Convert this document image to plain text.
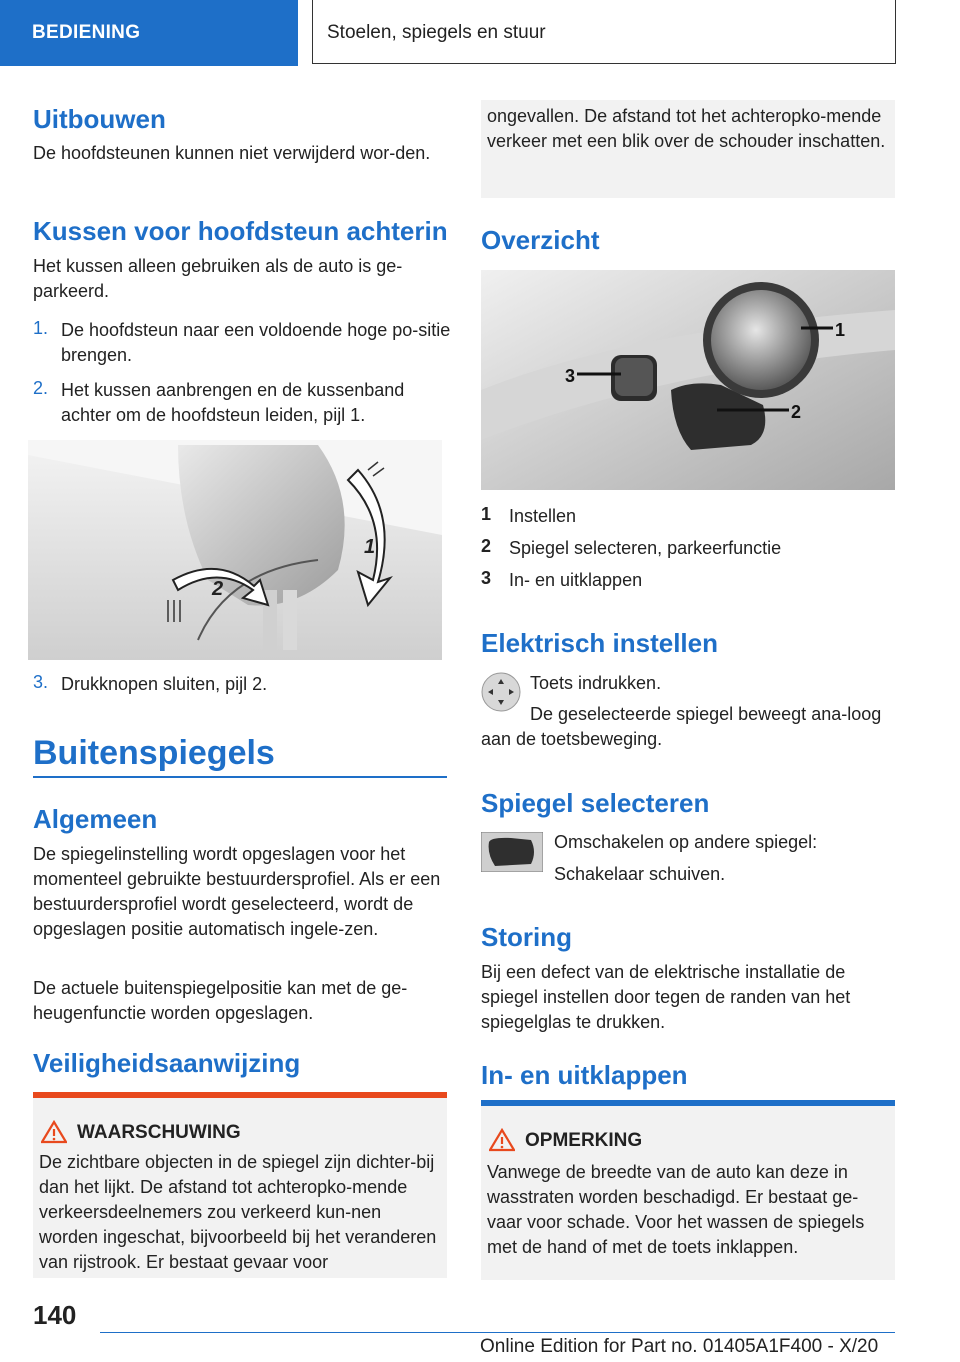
BEDIENING	Stoelen, spiegels en stuur
Uitbouwen

De hoofdsteunen kunnen niet verwijderd wor-den.

Kussen voor hoofdsteun achterin

Het kussen alleen gebruiken als de auto is ge-parkeerd.

1. De hoofdsteun naar een voldoende hoge po-sitie brengen.

2. Het kussen aanbrengen en de kussenband achter om de hoofdsteun leiden, pijl 1.

1
2
3. Drukknopen sluiten, pijl 2.

Buitenspiegels
Algemeen

De spiegelinstelling wordt opgeslagen voor het momenteel gebruikte bestuurdersprofiel. Als er een bestuurdersprofiel wordt geselecteerd, wordt de opgeslagen positie automatisch ingele-zen.

De actuele buitenspiegelpositie kan met de ge-heugenfunctie worden opgeslagen.

Veiligheidsaanwijzing
WAARSCHUWING

De zichtbare objecten in de spiegel zijn dichter-bij dan het lijkt. De afstand tot achteropko-mende verkeersdeelnemers zou verkeerd kun-nen worden ingeschat, bijvoorbeeld bij het veranderen van rijstrook. Er bestaat gevaar voor

ongevallen. De afstand tot het achteropko-mende verkeer met een blik over de schouder inschatten.

Overzicht
1
2
3
1 Instellen

2 Spiegel selecteren, parkeerfunctie

3 In- en uitklappen

Elektrisch instellen

Toets indrukken.

De geselecteerde spiegel beweegt ana-loog aan de toetsbeweging.

Spiegel selecteren

Omschakelen op andere spiegel:

Schakelaar schuiven.

Storing

Bij een defect van de elektrische installatie de spiegel instellen door tegen de randen van het spiegelglas te drukken.

In- en uitklappen
OPMERKING

Vanwege de breedte van de auto kan deze in wasstraten worden beschadigd. Er bestaat ge-vaar voor schade. Voor het wassen de spiegels met de hand of met de toets inklappen.

140
Online Edition for Part no. 01405A1F400 - X/20
